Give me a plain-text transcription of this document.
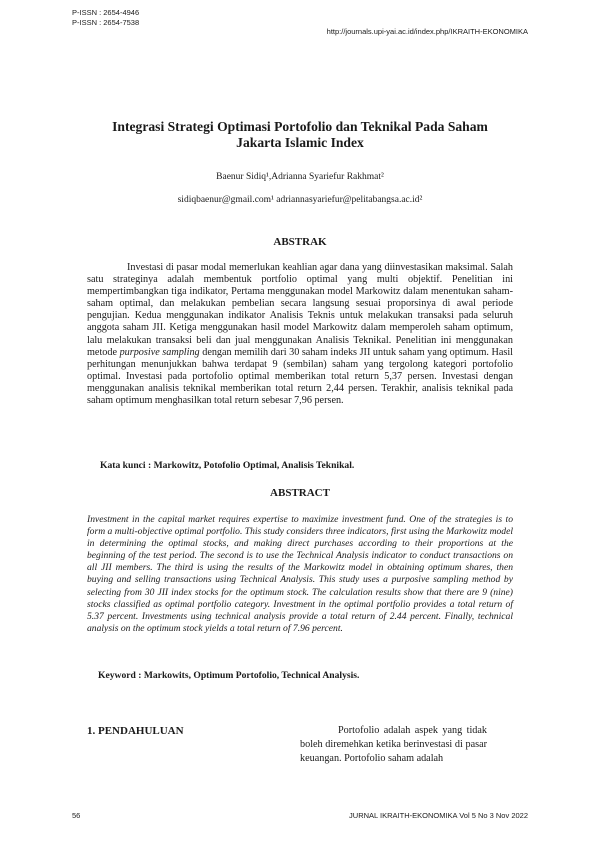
P-ISSN : 2654-4946
P-ISSN : 2654-7538
http://journals.upi-yai.ac.id/index.php/IKRAITH-EKONOMIKA
Integrasi Strategi Optimasi Portofolio dan Teknikal Pada Saham
Jakarta Islamic Index
Baenur Sidiq¹,Adrianna Syariefur Rakhmat²
sidiqbaenur@gmail.com¹ adriannasyariefur@pelitabangsa.ac.id²
ABSTRAK

Investasi di pasar modal memerlukan keahlian agar dana yang diinvestasikan maksimal. Salah satu strateginya adalah membentuk portfolio optimal yang multi objektif. Penelitian ini mempertimbangkan tiga indikator, Pertama menggunakan model Markowitz dalam menentukan saham-saham optimal, dan melakukan pembelian secara langsung sesuai proporsinya di awal periode pengujian. Kedua menggunakan indikator Analisis Teknis untuk melakukan transaksi pada seluruh anggota saham JII. Ketiga menggunakan hasil model Markowitz dalam memperoleh saham optimum, lalu melakukan transaksi beli dan jual menggunakan Analisis Teknikal. Penelitian ini menggunakan metode purposive sampling dengan memilih dari 30 saham indeks JII untuk saham yang optimum. Hasil perhitungan menunjukkan bahwa terdapat 9 (sembilan) saham yang tergolong kategori portofolio optimal. Investasi pada portofolio optimal memberikan total return 5,37 persen. Investasi dengan menggunakan analisis teknikal memberikan total return 2,44 persen. Terakhir, analisis teknikal pada saham optimum menghasilkan total return sebesar 7,96 persen.

Kata kunci : Markowitz, Potofolio Optimal, Analisis Teknikal.

ABSTRACT

Investment in the capital market requires expertise to maximize investment fund. One of the strategies is to form a multi-objective optimal portfolio. This study considers three indicators, first using the Markowitz model in determining the optimal stocks, and making direct purchases according to their proportions at the beginning of the test period. The second is to use the Technical Analysis indicator to conduct transactions on all JII members. The third is using the results of the Markowitz model in obtaining optimum shares, then buying and selling transactions using Technical Analysis. This study uses a purposive sampling method by selecting from 30 JII index stocks for the optimum stock. The calculation results show that there are 9 (nine) stocks classified as optimal portfolio category. Investment in the optimal portfolio provides a total return of 5.37 percent. Investments using technical analysis provide a total return of 2.44 percent. Finally, technical analysis on the optimum stock yields a total return of 7.96 percent.

Keyword : Markowits, Optimum Portofolio, Technical Analysis.

1. PENDAHULUAN	Portofolio adalah aspek yang tidak boleh diremehkan ketika berinvestasi di pasar keuangan. Portofolio saham adalah

56	JURNAL IKRAITH-EKONOMIKA Vol 5 No 3 Nov 2022
